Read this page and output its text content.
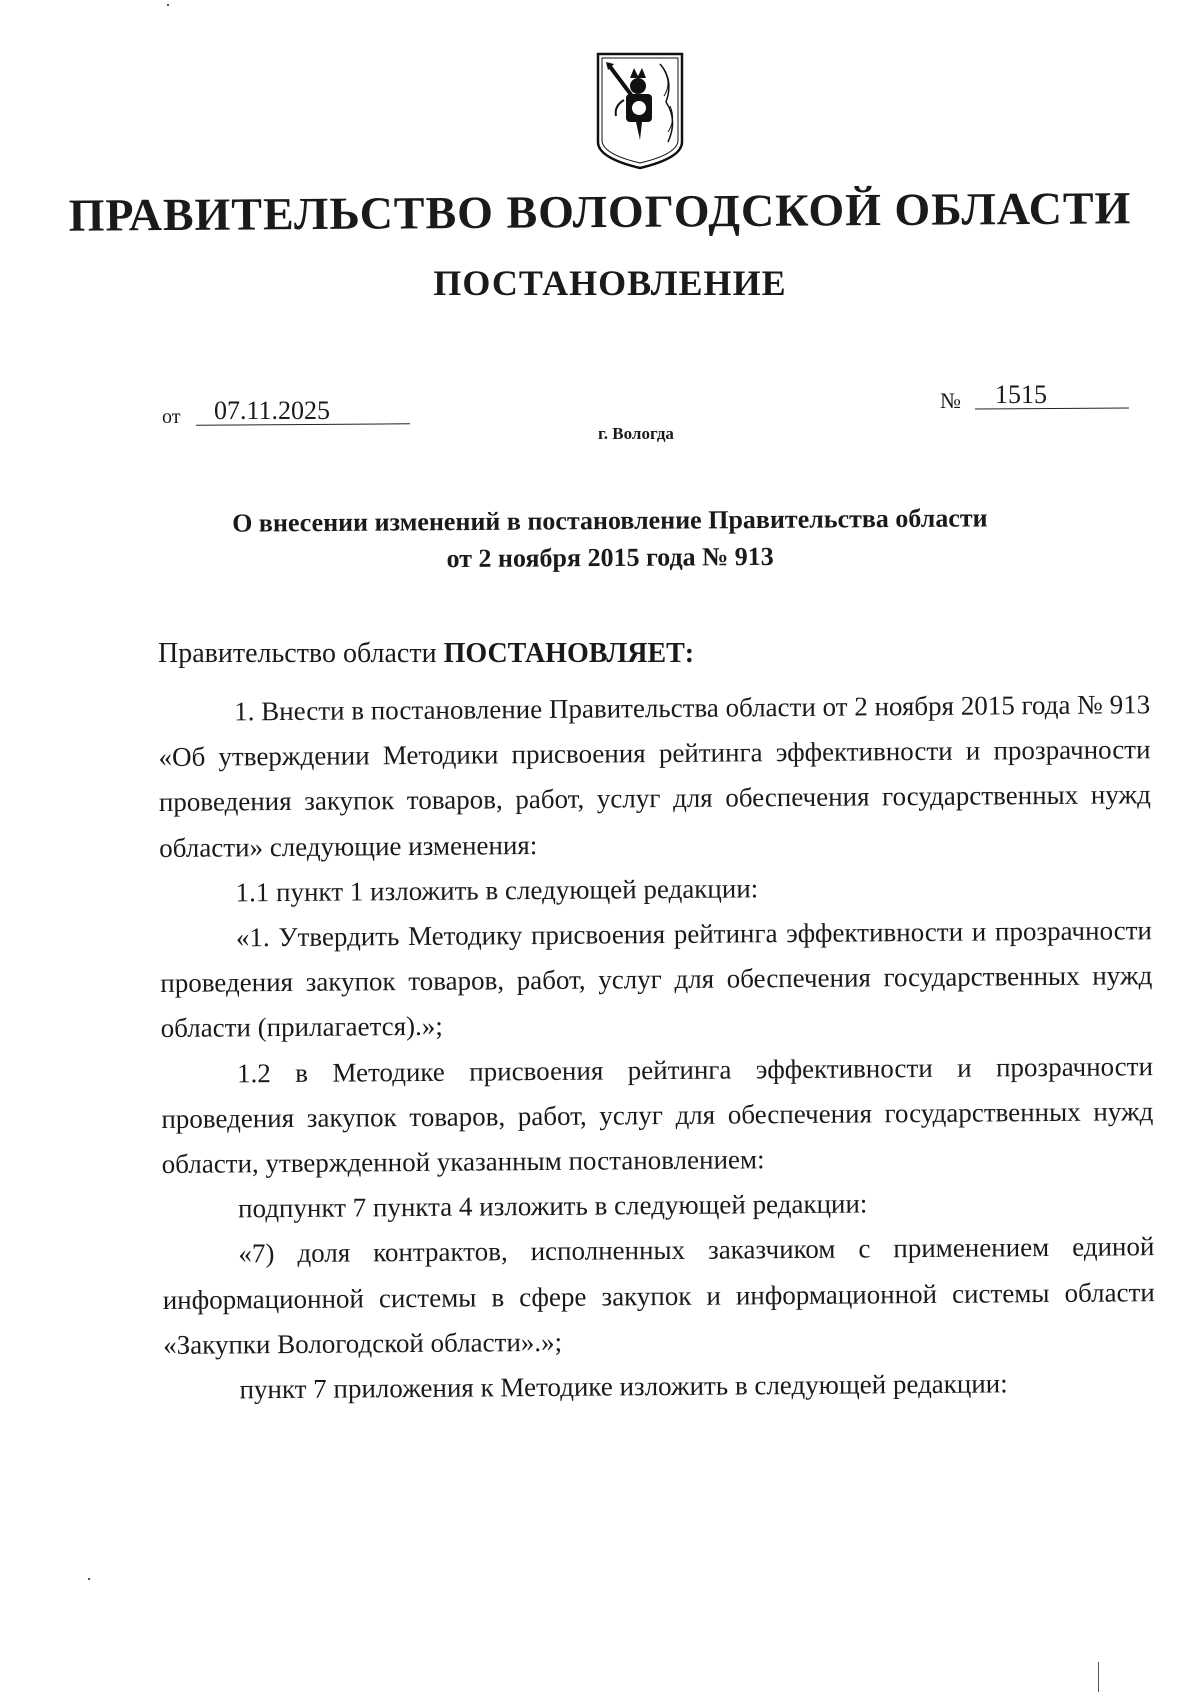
ПРАВИТЕЛЬСТВО ВОЛОГОДСКОЙ ОБЛАСТИ
ПОСТАНОВЛЕНИЕ
от 07.11.2025	№ 1515
г. Вологда
О внесении изменений в постановление Правительства области
от 2 ноября 2015 года № 913
Правительство области ПОСТАНОВЛЯЕТ:

1. Внести в постановление Правительства области от 2 ноября 2015 года № 913 «Об утверждении Методики присвоения рейтинга эффективности и прозрачности проведения закупок товаров, работ, услуг для обеспечения государственных нужд области» следующие изменения:

1.1 пункт 1 изложить в следующей редакции:

«1. Утвердить Методику присвоения рейтинга эффективности и прозрачности проведения закупок товаров, работ, услуг для обеспечения государственных нужд области (прилагается).»;

1.2 в Методике присвоения рейтинга эффективности и прозрачности проведения закупок товаров, работ, услуг для обеспечения государственных нужд области, утвержденной указанным постановлением:

подпункт 7 пункта 4 изложить в следующей редакции:

«7) доля контрактов, исполненных заказчиком с применением единой информационной системы в сфере закупок и информационной системы области «Закупки Вологодской области».»;

пункт 7 приложения к Методике изложить в следующей редакции:
